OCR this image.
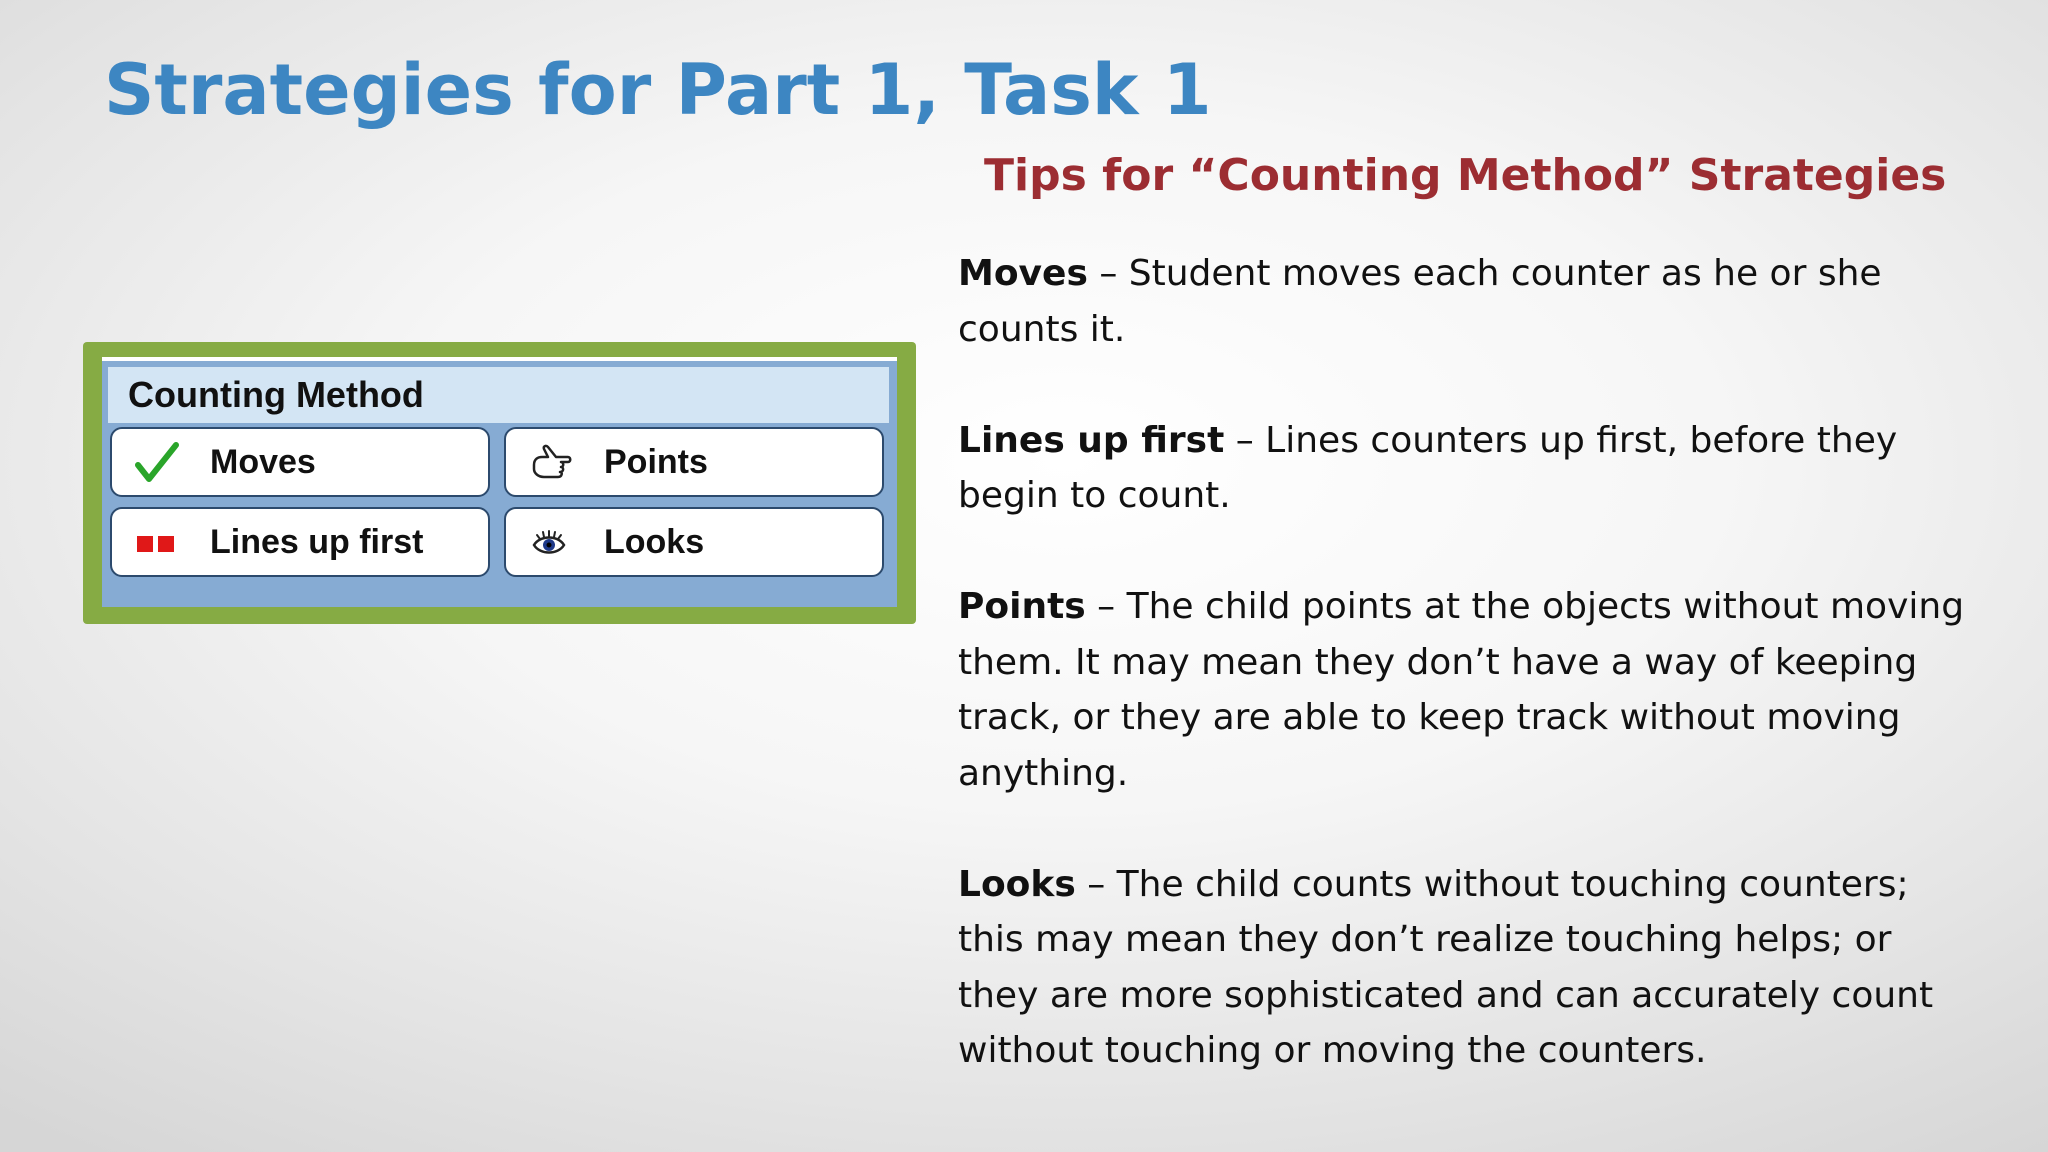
Strategies for Part 1, Task 1
Counting Method
Moves	Points
Lines up first	Looks
Tips for “Counting Method” Strategies

Moves – Student moves each counter as he or she counts it.

Lines up first – Lines counters up first, before they begin to count.

Points – The child points at the objects without moving them. It may mean they don’t have a way of keeping track, or they are able to keep track without moving anything.

Looks – The child counts without touching counters; this may mean they don’t realize touching helps; or they are more sophisticated and can accurately count without touching or moving the counters.
